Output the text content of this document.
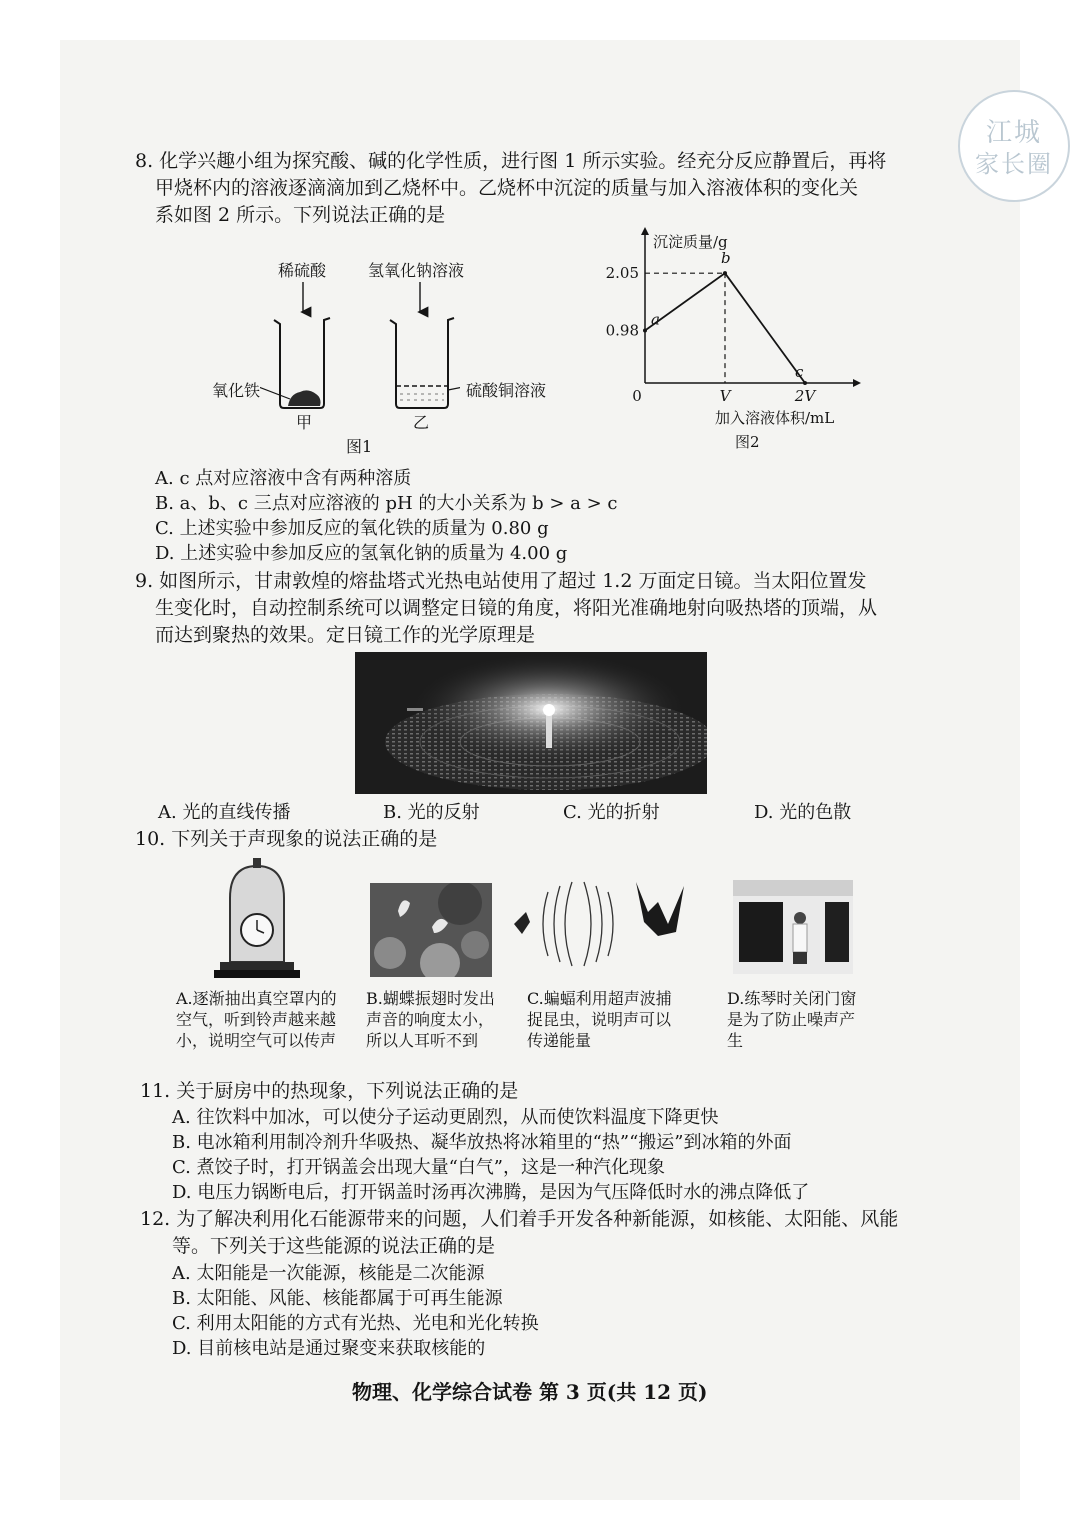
江城
家长圈
8. 化学兴趣小组为探究酸、碱的化学性质，进行图 1 所示实验。经充分反应静置后，再将
甲烧杯内的溶液逐滴滴加到乙烧杯中。乙烧杯中沉淀的质量与加入溶液体积的变化关
系如图 2 所示。下列说法正确的是
稀硫酸	氢氧化钠溶液
氧化铁	硫酸铜溶液
甲	乙
图1
沉淀质量/g
加入溶液体积/mL
0
图2
0.98
2.05
V	2V
a
b
c
A. c 点对应溶液中含有两种溶质
B. a、b、c 三点对应溶液的 pH 的大小关系为 b > a > c
C. 上述实验中参加反应的氧化铁的质量为 0.80 g
D. 上述实验中参加反应的氢氧化钠的质量为 4.00 g
9. 如图所示，甘肃敦煌的熔盐塔式光热电站使用了超过 1.2 万面定日镜。当太阳位置发
生变化时，自动控制系统可以调整定日镜的角度，将阳光准确地射向吸热塔的顶端，从
而达到聚热的效果。定日镜工作的光学原理是
A. 光的直线传播	B. 光的反射	C. 光的折射	D. 光的色散
10. 下列关于声现象的说法正确的是
A.逐渐抽出真空罩内的空气，听到铃声越来越小，说明空气可以传声
B.蝴蝶振翅时发出声音的响度太小，所以人耳听不到
C.蝙蝠利用超声波捕捉昆虫，说明声可以传递能量
D.练琴时关闭门窗是为了防止噪声产生
11. 关于厨房中的热现象，下列说法正确的是
A. 往饮料中加冰，可以使分子运动更剧烈，从而使饮料温度下降更快
B. 电冰箱利用制冷剂升华吸热、凝华放热将冰箱里的“热”“搬运”到冰箱的外面
C. 煮饺子时，打开锅盖会出现大量“白气”，这是一种汽化现象
D. 电压力锅断电后，打开锅盖时汤再次沸腾，是因为气压降低时水的沸点降低了
12. 为了解决利用化石能源带来的问题，人们着手开发各种新能源，如核能、太阳能、风能
等。下列关于这些能源的说法正确的是
A. 太阳能是一次能源，核能是二次能源
B. 太阳能、风能、核能都属于可再生能源
C. 利用太阳能的方式有光热、光电和光化转换
D. 目前核电站是通过聚变来获取核能的
物理、化学综合试卷 第 3 页(共 12 页)
